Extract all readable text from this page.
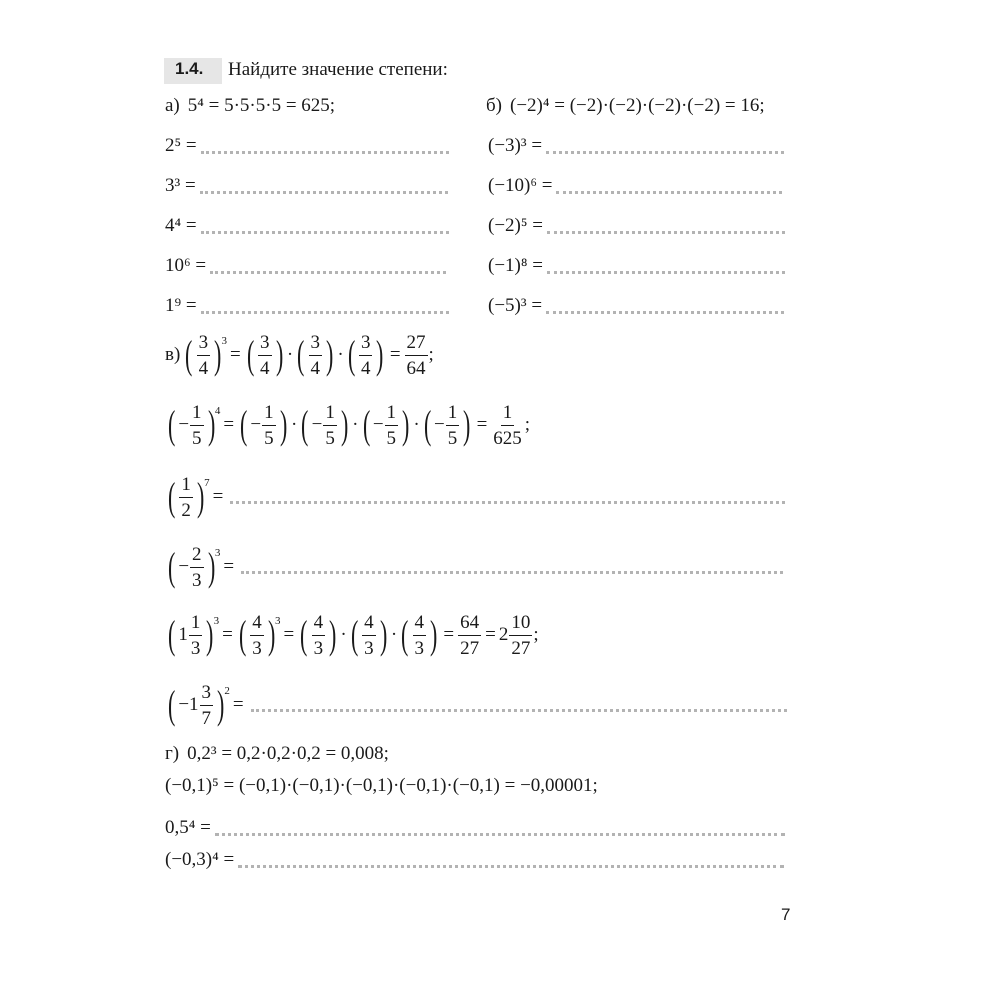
1.4. Найдите значение степени:
а) 5⁴ = 5·5·5·5 = 625;
2⁵ =
3³ =
4⁴ =
10⁶ =
1⁹ =
б) (−2)⁴ = (−2)·(−2)·(−2)·(−2) = 16;
(−3)³ =
(−10)⁶ =
(−2)⁵ =
(−1)⁸ =
(−5)³ =
в) ( $\frac{3}{4}$ ) 3
= ( $\frac{3}{4}$ ) · ( $\frac{3}{4}$ ) · ( $\frac{3}{4}$ ) = $\frac{27}{64}$ ;
( − $\frac{1}{5}$ ) 4
= ( − $\frac{1}{5}$ ) · ( − $\frac{1}{5}$ ) · ( − $\frac{1}{5}$ ) · ( − $\frac{1}{5}$ ) = $\frac{1}{625}$ ;
( $\frac{1}{2}$ ) 7
=
( − $\frac{2}{3}$ ) 3
=
( $1 \frac{1}{3}$ ) 3
= ( $\frac{4}{3}$ ) 3
= ( $\frac{4}{3}$ ) · ( $\frac{4}{3}$ ) · ( $\frac{4}{3}$ ) = $\frac{64}{27} = 2 \frac{10}{27}$ ;
( − $1 \frac{3}{7}$ ) 2
=
г) 0,2³ = 0,2·0,2·0,2 = 0,008;
(−0,1)⁵ = (−0,1)·(−0,1)·(−0,1)·(−0,1)·(−0,1) = −0,00001;
0,5⁴ =
(−0,3)⁴ =
7
